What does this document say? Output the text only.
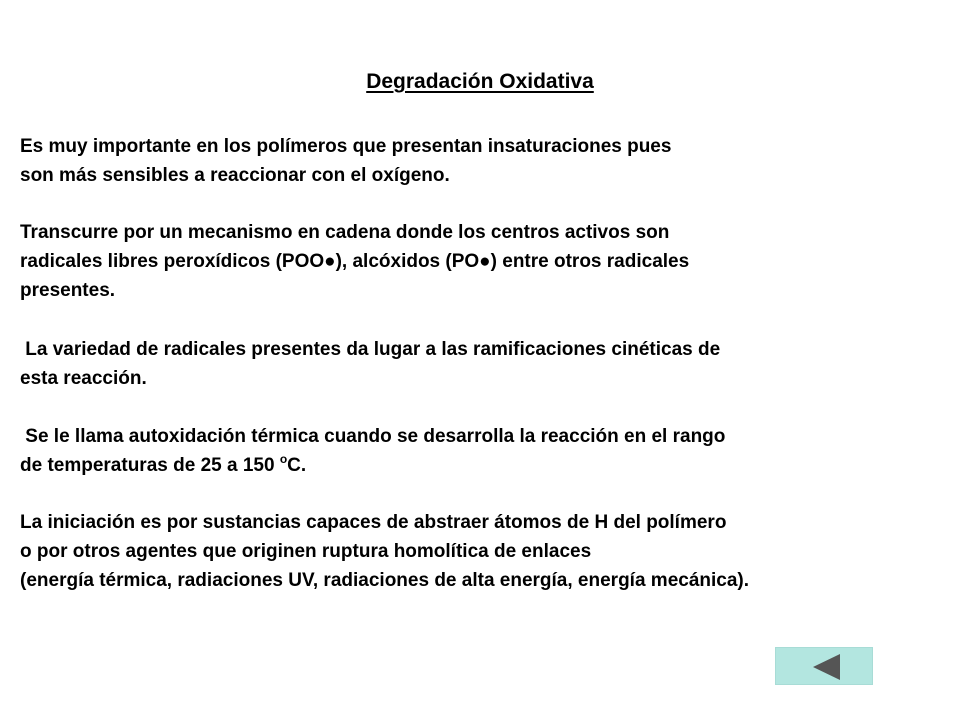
Degradación Oxidativa
Es muy importante en los polímeros que presentan insaturaciones pues
son más sensibles a reaccionar con el oxígeno.
Transcurre por un mecanismo en cadena donde los centros activos son
radicales libres peroxídicos (POO●), alcóxidos (PO●) entre otros radicales
presentes.
La variedad de radicales presentes da lugar a las ramificaciones cinéticas de
esta reacción.
Se le llama autoxidación térmica cuando se desarrolla la reacción en el rango
de temperaturas de 25 a 150 $^o$C.
La iniciación es por sustancias capaces de abstraer átomos de H del polímero
o por otros agentes que originen ruptura homolítica de enlaces
(energía térmica, radiaciones UV, radiaciones de alta energía, energía mecánica).
